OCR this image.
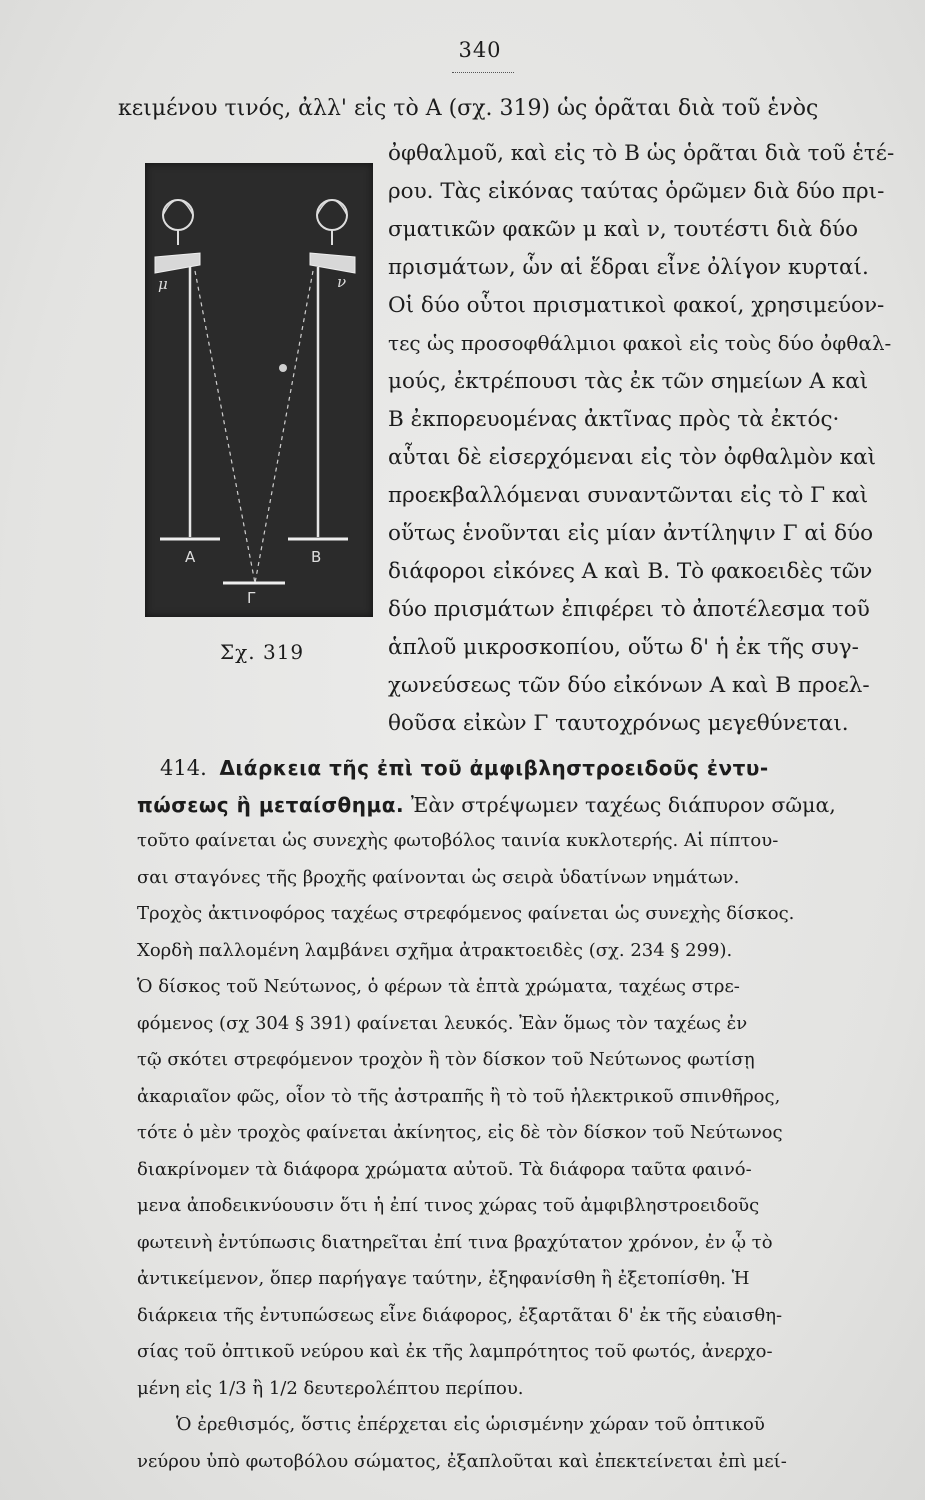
340
κειμένου τινός, ἀλλ' εἰς τὸ Α (σχ. 319) ὡς ὁρᾶται διὰ τοῦ ἑνὸς
μ	ν
Α	Β
Γ
Σχ. 319
ὀφθαλμοῦ, καὶ εἰς τὸ Β ὡς ὁρᾶται διὰ τοῦ ἑτέ-
ρου. Τὰς εἰκόνας ταύτας ὁρῶμεν διὰ δύο πρι-
σματικῶν φακῶν μ καὶ ν, τουτέστι διὰ δύο
πρισμάτων, ὧν αἱ ἕδραι εἶνε ὀλίγον κυρταί.
Οἱ δύο οὗτοι πρισματικοὶ φακοί, χρησιμεύον-
τες ὡς προσοφθάλμιοι φακοὶ εἰς τοὺς δύο ὀφθαλ-
μούς, ἐκτρέπουσι τὰς ἐκ τῶν σημείων Α καὶ
Β ἐκπορευομένας ἀκτῖνας πρὸς τὰ ἐκτός·
αὗται δὲ εἰσερχόμεναι εἰς τὸν ὀφθαλμὸν καὶ
προεκβαλλόμεναι συναντῶνται εἰς τὸ Γ καὶ
οὕτως ἑνοῦνται εἰς μίαν ἀντίληψιν Γ αἱ δύο
διάφοροι εἰκόνες Α καὶ Β. Τὸ φακοειδὲς τῶν
δύο πρισμάτων ἐπιφέρει τὸ ἀποτέλεσμα τοῦ
ἁπλοῦ μικροσκοπίου, οὕτω δ' ἡ ἐκ τῆς συγ-
χωνεύσεως τῶν δύο εἰκόνων Α καὶ Β προελ-
θοῦσα εἰκὼν Γ ταυτοχρόνως μεγεθύνεται.
414. Διάρκεια τῆς ἐπὶ τοῦ ἀμφιβληστροειδοῦς ἐντυ-
πώσεως ἢ μεταίσθημα. Ἐὰν στρέψωμεν ταχέως διάπυρον σῶμα,
τοῦτο φαίνεται ὡς συνεχὴς φωτοβόλος ταινία κυκλοτερής. Αἱ πίπτου-
σαι σταγόνες τῆς βροχῆς φαίνονται ὡς σειρὰ ὑδατίνων νημάτων.
Τροχὸς ἀκτινοφόρος ταχέως στρεφόμενος φαίνεται ὡς συνεχὴς δίσκος.
Χορδὴ παλλομένη λαμβάνει σχῆμα ἀτρακτοειδὲς (σχ. 234 § 299).
Ὁ δίσκος τοῦ Νεύτωνος, ὁ φέρων τὰ ἑπτὰ χρώματα, ταχέως στρε-
φόμενος (σχ 304 § 391) φαίνεται λευκός. Ἐὰν ὅμως τὸν ταχέως ἐν
τῷ σκότει στρεφόμενον τροχὸν ἢ τὸν δίσκον τοῦ Νεύτωνος φωτίσῃ
ἀκαριαῖον φῶς, οἷον τὸ τῆς ἀστραπῆς ἢ τὸ τοῦ ἠλεκτρικοῦ σπινθῆρος,
τότε ὁ μὲν τροχὸς φαίνεται ἀκίνητος, εἰς δὲ τὸν δίσκον τοῦ Νεύτωνος
διακρίνομεν τὰ διάφορα χρώματα αὐτοῦ. Τὰ διάφορα ταῦτα φαινό-
μενα ἀποδεικνύουσιν ὅτι ἡ ἐπί τινος χώρας τοῦ ἀμφιβληστροειδοῦς
φωτεινὴ ἐντύπωσις διατηρεῖται ἐπί τινα βραχύτατον χρόνον, ἐν ᾧ τὸ
ἀντικείμενον, ὅπερ παρήγαγε ταύτην, ἐξηφανίσθη ἢ ἐξετοπίσθη. Ἡ
διάρκεια τῆς ἐντυπώσεως εἶνε διάφορος, ἐξαρτᾶται δ' ἐκ τῆς εὐαισθη-
σίας τοῦ ὀπτικοῦ νεύρου καὶ ἐκ τῆς λαμπρότητος τοῦ φωτός, ἀνερχο-
μένη εἰς 1/3 ἢ 1/2 δευτερολέπτου περίπου.
Ὁ ἐρεθισμός, ὅστις ἐπέρχεται εἰς ὡρισμένην χώραν τοῦ ὀπτικοῦ
νεύρου ὑπὸ φωτοβόλου σώματος, ἐξαπλοῦται καὶ ἐπεκτείνεται ἐπὶ μεί-
